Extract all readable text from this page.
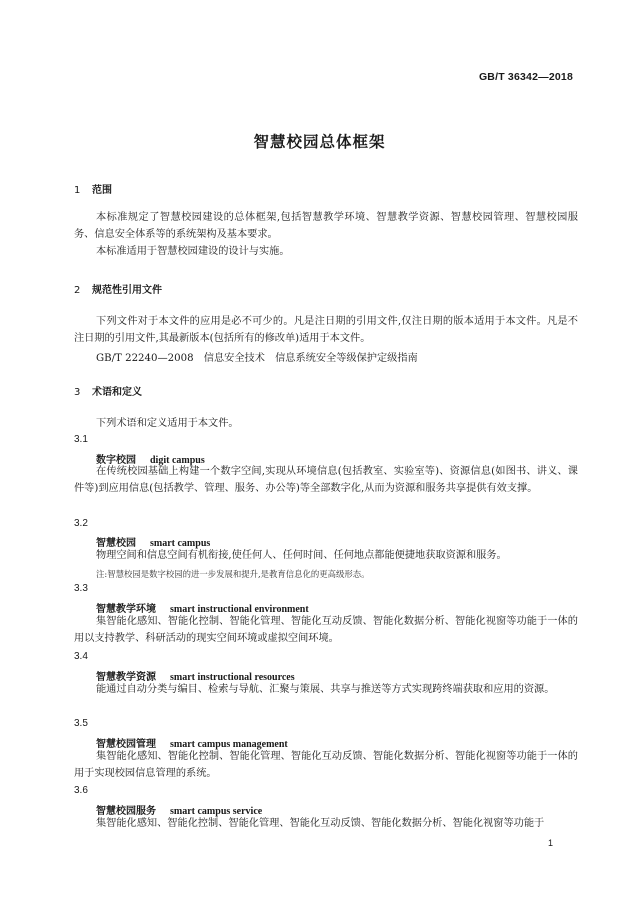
GB/T 36342—2018
智慧校园总体框架
1 范围

本标准规定了智慧校园建设的总体框架,包括智慧教学环境、智慧教学资源、智慧校园管理、智慧校园服务、信息安全体系等的系统架构及基本要求。

本标准适用于智慧校园建设的设计与实施。

2 规范性引用文件

下列文件对于本文件的应用是必不可少的。凡是注日期的引用文件,仅注日期的版本适用于本文件。凡是不注日期的引用文件,其最新版本(包括所有的修改单)适用于本文件。

GB/T 22240—2008　信息安全技术　信息系统安全等级保护定级指南
3 术语和定义
下列术语和定义适用于本文件。
3.1
数字校园 digit campus

在传统校园基础上构建一个数字空间,实现从环境信息(包括教室、实验室等)、资源信息(如图书、讲义、课件等)到应用信息(包括教学、管理、服务、办公等)等全部数字化,从而为资源和服务共享提供有效支撑。

3.2
智慧校园 smart campus

物理空间和信息空间有机衔接,使任何人、任何时间、任何地点都能便捷地获取资源和服务。

注:智慧校园是数字校园的进一步发展和提升,是教育信息化的更高级形态。
3.3
智慧教学环境 smart instructional environment

集智能化感知、智能化控制、智能化管理、智能化互动反馈、智能化数据分析、智能化视窗等功能于一体的用以支持教学、科研活动的现实空间环境或虚拟空间环境。

3.4
智慧教学资源 smart instructional resources

能通过自动分类与编目、检索与导航、汇聚与策展、共享与推送等方式实现跨终端获取和应用的资源。

3.5
智慧校园管理 smart campus management

集智能化感知、智能化控制、智能化管理、智能化互动反馈、智能化数据分析、智能化视窗等功能于一体的用于实现校园信息管理的系统。

3.6
智慧校园服务 smart campus service

集智能化感知、智能化控制、智能化管理、智能化互动反馈、智能化数据分析、智能化视窗等功能于

1
